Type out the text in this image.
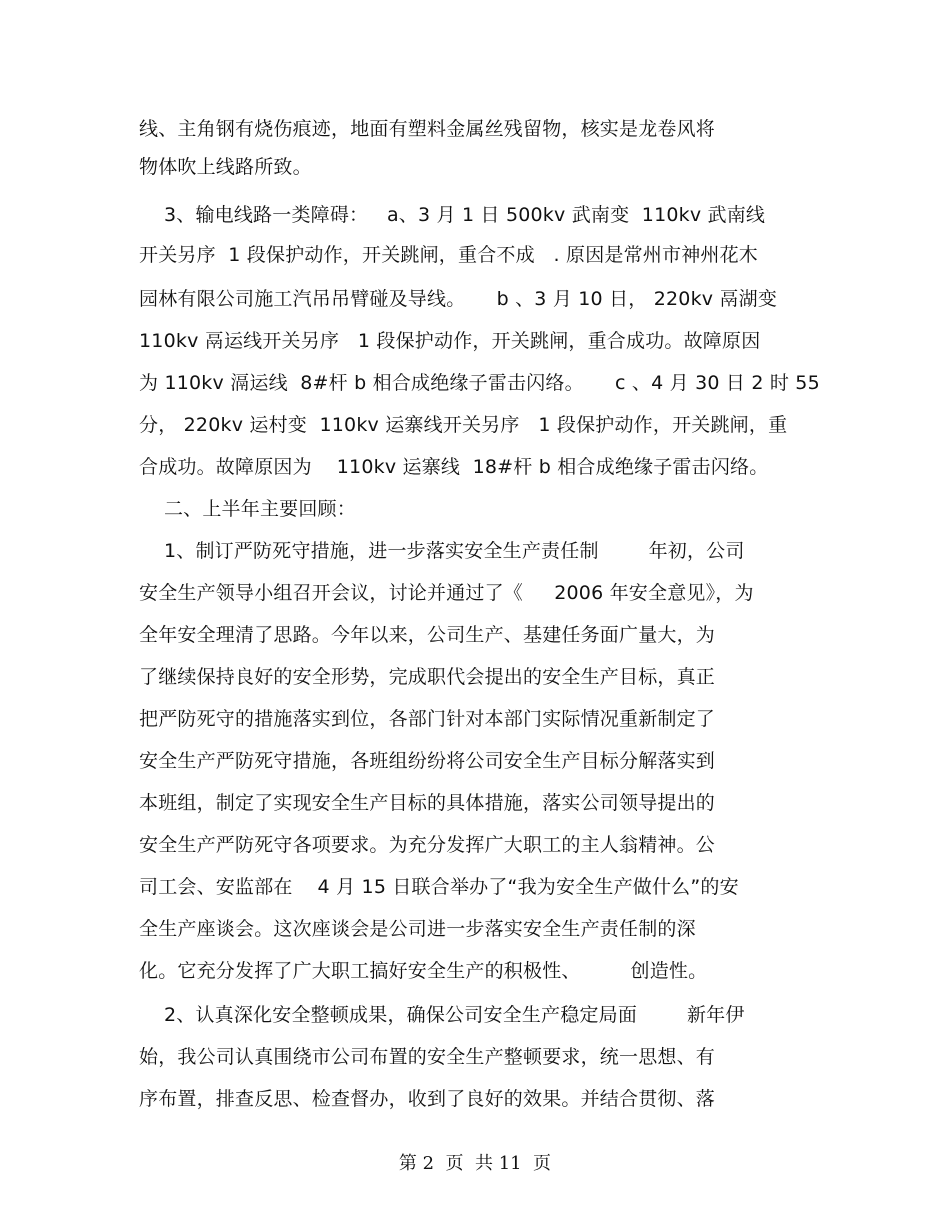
线、主角钢有烧伤痕迹，地面有塑料金属丝残留物，核实是龙卷风将
物体吹上线路所致。
3、输电线路一类障碍：   a、3 月 1 日 500kv 武南变  110kv 武南线
开关另序  1 段保护动作，开关跳闸，重合不成   . 原因是常州市神州花木
园林有限公司施工汽吊吊臂碰及导线。     b 、3 月 10 日， 220kv 鬲湖变
110kv 鬲运线开关另序   1 段保护动作，开关跳闸，重合成功。故障原因
为 110kv 滆运线  8#杆 b 相合成绝缘子雷击闪络。     c 、4 月 30 日 2 时 55
分， 220kv 运村变  110kv 运寨线开关另序   1 段保护动作，开关跳闸，重
合成功。故障原因为    110kv 运寨线  18#杆 b 相合成绝缘子雷击闪络。
二、上半年主要回顾：
1、制订严防死守措施，进一步落实安全生产责任制        年初，公司
安全生产领导小组召开会议，讨论并通过了《     2006 年安全意见》，为
全年安全理清了思路。今年以来，公司生产、基建任务面广量大，为
了继续保持良好的安全形势，完成职代会提出的安全生产目标，真正
把严防死守的措施落实到位，各部门针对本部门实际情况重新制定了
安全生产严防死守措施，各班组纷纷将公司安全生产目标分解落实到
本班组，制定了实现安全生产目标的具体措施，落实公司领导提出的
安全生产严防死守各项要求。为充分发挥广大职工的主人翁精神。公
司工会、安监部在    4 月 15 日联合举办了“我为安全生产做什么”的安
全生产座谈会。这次座谈会是公司进一步落实安全生产责任制的深
化。它充分发挥了广大职工搞好安全生产的积极性、        创造性。
2、认真深化安全整顿成果，确保公司安全生产稳定局面        新年伊
始，我公司认真围绕市公司布置的安全生产整顿要求，统一思想、有
序布置，排查反思、检查督办，收到了良好的效果。并结合贯彻、落
第 2  页  共 11  页
